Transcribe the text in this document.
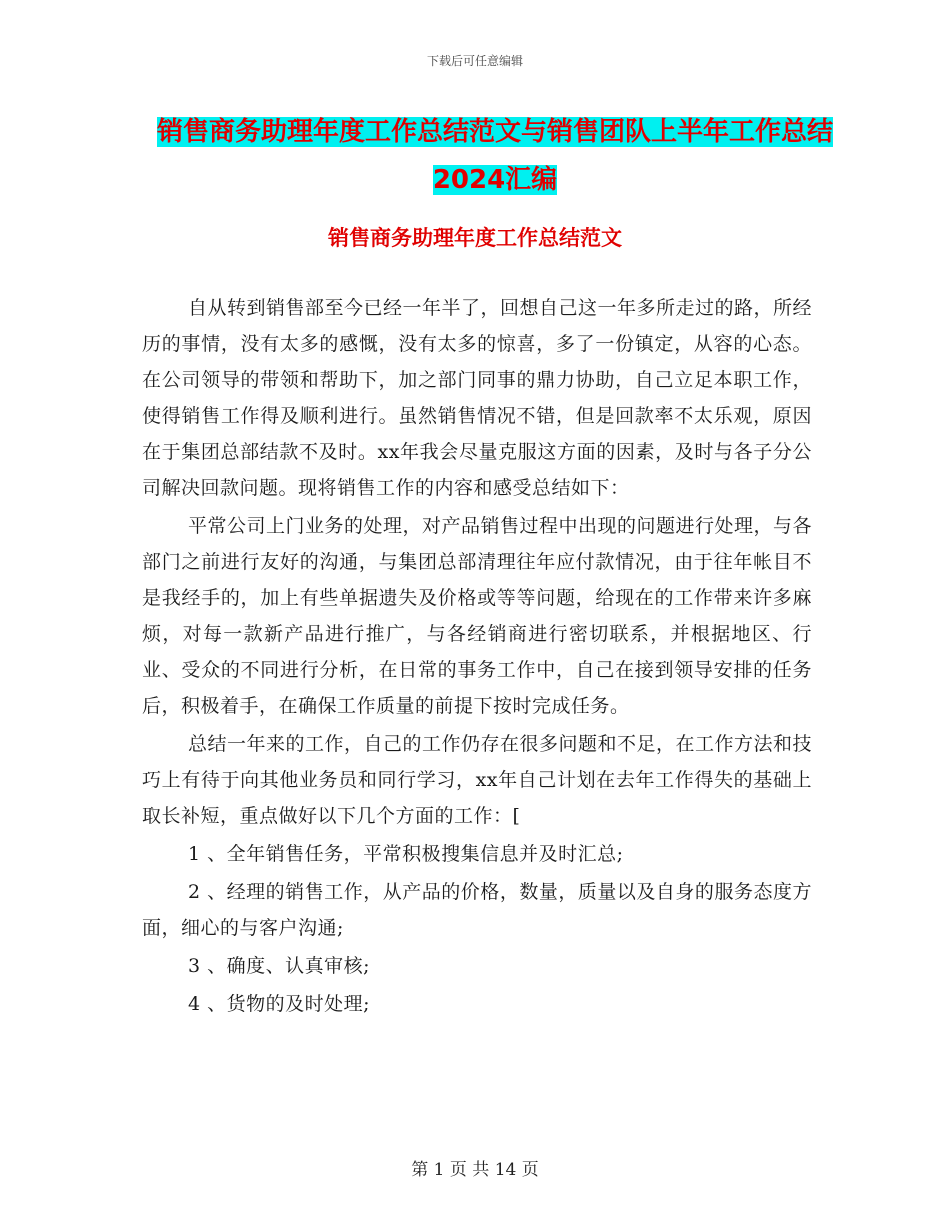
下载后可任意编辑
销售商务助理年度工作总结范文与销售团队上半年工作总结2024汇编
销售商务助理年度工作总结范文

自从转到销售部至今已经一年半了，回想自己这一年多所走过的路，所经历的事情，没有太多的感慨，没有太多的惊喜，多了一份镇定，从容的心态。在公司领导的带领和帮助下，加之部门同事的鼎力协助，自己立足本职工作，使得销售工作得及顺利进行。虽然销售情况不错，但是回款率不太乐观，原因在于集团总部结款不及时。xx年我会尽量克服这方面的因素，及时与各子分公司解决回款问题。现将销售工作的内容和感受总结如下：

平常公司上门业务的处理，对产品销售过程中出现的问题进行处理，与各部门之前进行友好的沟通，与集团总部清理往年应付款情况，由于往年帐目不是我经手的，加上有些单据遗失及价格或等等问题，给现在的工作带来许多麻烦，对每一款新产品进行推广，与各经销商进行密切联系，并根据地区、行业、受众的不同进行分析，在日常的事务工作中，自己在接到领导安排的任务后，积极着手，在确保工作质量的前提下按时完成任务。

总结一年来的工作，自己的工作仍存在很多问题和不足，在工作方法和技巧上有待于向其他业务员和同行学习，xx年自己计划在去年工作得失的基础上取长补短，重点做好以下几个方面的工作：[

1 、全年销售任务，平常积极搜集信息并及时汇总;

2 、经理的销售工作，从产品的价格，数量，质量以及自身的服务态度方面，细心的与客户沟通;

3 、确度、认真审核;

4 、货物的及时处理;

第 1 页 共 14 页
